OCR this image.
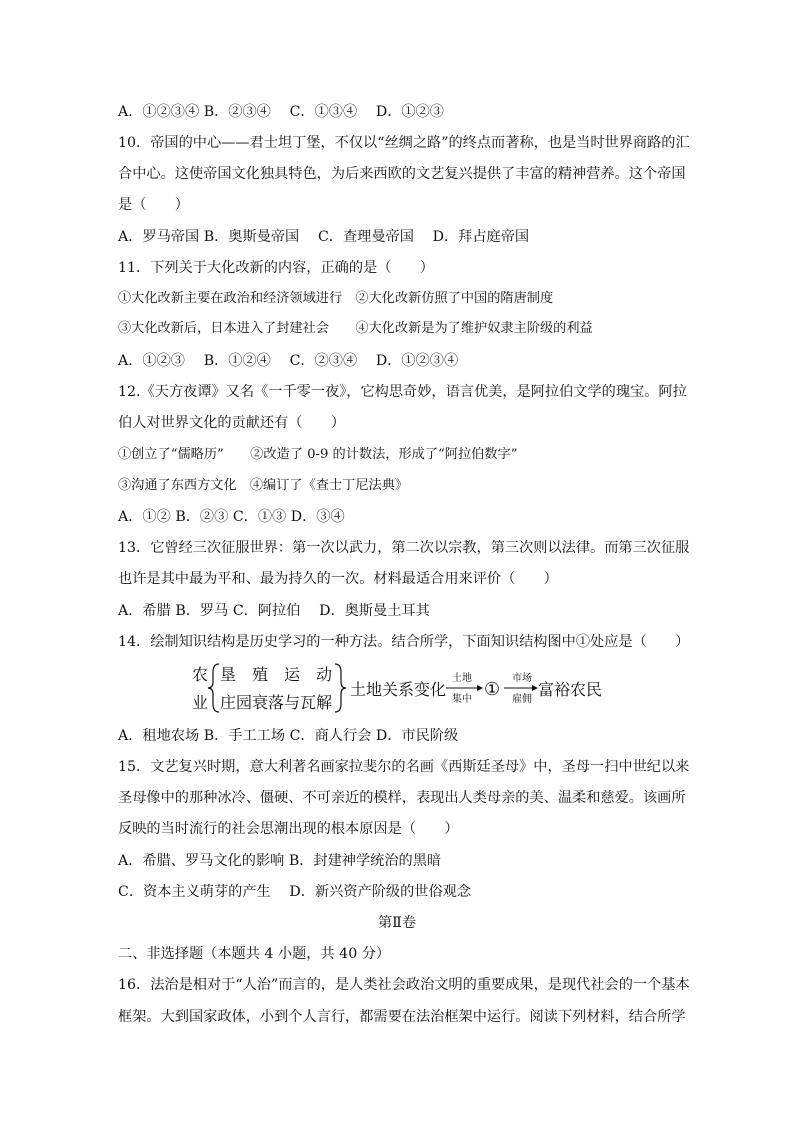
A．①②③④ B．②③④　 C．①③④　 D．①②③
10．帝国的中心——君士坦丁堡，不仅以“丝绸之路”的终点而著称，也是当时世界商路的汇
合中心。这使帝国文化独具特色，为后来西欧的文艺复兴提供了丰富的精神营养。这个帝国
是（　　）
A．罗马帝国 B．奥斯曼帝国　 C．查理曼帝国　 D．拜占庭帝国
11．下列关于大化改新的内容，正确的是（　　）
①大化改新主要在政治和经济领域进行　②大化改新仿照了中国的隋唐制度
③大化改新后，日本进入了封建社会　　④大化改新是为了维护奴隶主阶级的利益
A．①②③　 B．①②④　 C．②③④　 D．①②③④
12.《天方夜谭》又名《一千零一夜》，它构思奇妙，语言优美，是阿拉伯文学的瑰宝。阿拉
伯人对世界文化的贡献还有（　　）
①创立了“儒略历”　　②改造了 0-9 的计数法，形成了“阿拉伯数字”
③沟通了东西方文化　④编订了《查士丁尼法典》
A．①② B．②③ C．①③ D．③④
13．它曾经三次征服世界：第一次以武力，第二次以宗教，第三次则以法律。而第三次征服
也许是其中最为平和、最为持久的一次。材料最适合用来评价（　　）
A．希腊 B．罗马 C．阿拉伯　 D．奥斯曼土耳其
14．绘制知识结构是历史学习的一种方法。结合所学，下面知识结构图中①处应是（　　）
农
业
垦　殖　运　动
庄园衰落与瓦解
土地关系变化
土地
集中 ①
市场
雇佣
富裕农民
A．租地农场 B．手工工场 C．商人行会 D．市民阶级
15．文艺复兴时期，意大利著名画家拉斐尔的名画《西斯廷圣母》中，圣母一扫中世纪以来
圣母像中的那种冰冷、僵硬、不可亲近的模样，表现出人类母亲的美、温柔和慈爱。该画所
反映的当时流行的社会思潮出现的根本原因是（　　）
A．希腊、罗马文化的影响 B．封建神学统治的黑暗
C．资本主义萌芽的产生　 D．新兴资产阶级的世俗观念
第Ⅱ卷
二、非选择题（本题共 4 小题，共 40 分）
16．法治是相对于“人治”而言的，是人类社会政治文明的重要成果，是现代社会的一个基本
框架。大到国家政体，小到个人言行，都需要在法治框架中运行。阅读下列材料，结合所学
